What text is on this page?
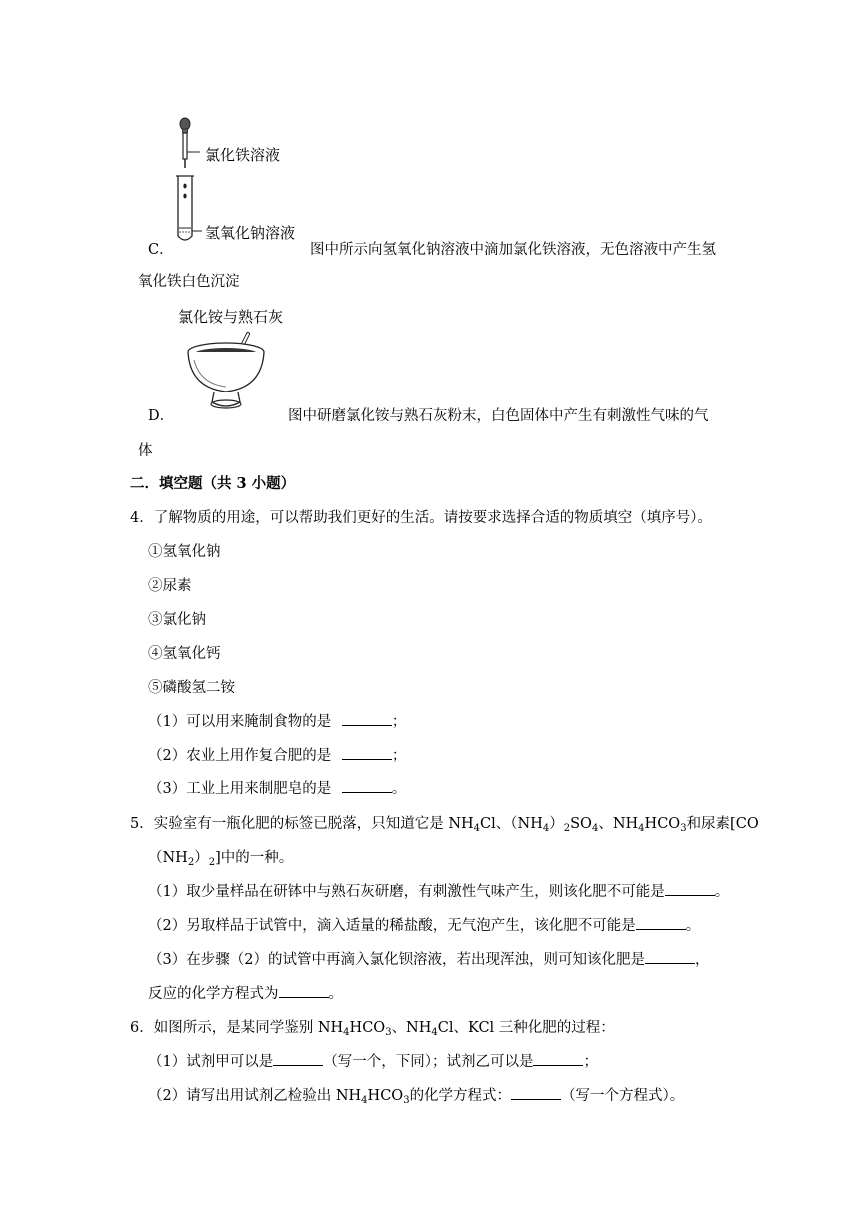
氯化铁溶液
氢氧化钠溶液
C．	图中所示向氢氧化钠溶液中滴加氯化铁溶液，无色溶液中产生氢
氧化铁白色沉淀
氯化铵与熟石灰
D．	图中研磨氯化铵与熟石灰粉末，白色固体中产生有刺激性气味的气
体
二．填空题（共 3 小题）
4．了解物质的用途，可以帮助我们更好的生活。请按要求选择合适的物质填空（填序号）。
①氢氧化钠
②尿素
③氯化钠
④氢氧化钙
⑤磷酸氢二铵
（1）可以用来腌制食物的是	；
（2）农业上用作复合肥的是	；
（3）工业上用来制肥皂的是	。
5．实验室有一瓶化肥的标签已脱落，只知道它是 $NH_4Cl$、$(NH_4)_2SO_4$、$NH_4HCO_3$和尿素[CO
$(NH_2)_2$]中的一种。
（1）取少量样品在研钵中与熟石灰研磨，有刺激性气味产生，则该化肥不可能是	。
（2）另取样品于试管中，滴入适量的稀盐酸，无气泡产生，该化肥不可能是	。
（3）在步骤（2）的试管中再滴入氯化钡溶液，若出现浑浊，则可知该化肥是	，
反应的化学方程式为	。
6．如图所示，是某同学鉴别 $NH_4HCO_3$、$NH_4Cl$、KCl 三种化肥的过程：
（1）试剂甲可以是	（写一个，下同）；试剂乙可以是	；
（2）请写出用试剂乙检验出 $NH_4HCO_3$的化学方程式：	（写一个方程式）。
